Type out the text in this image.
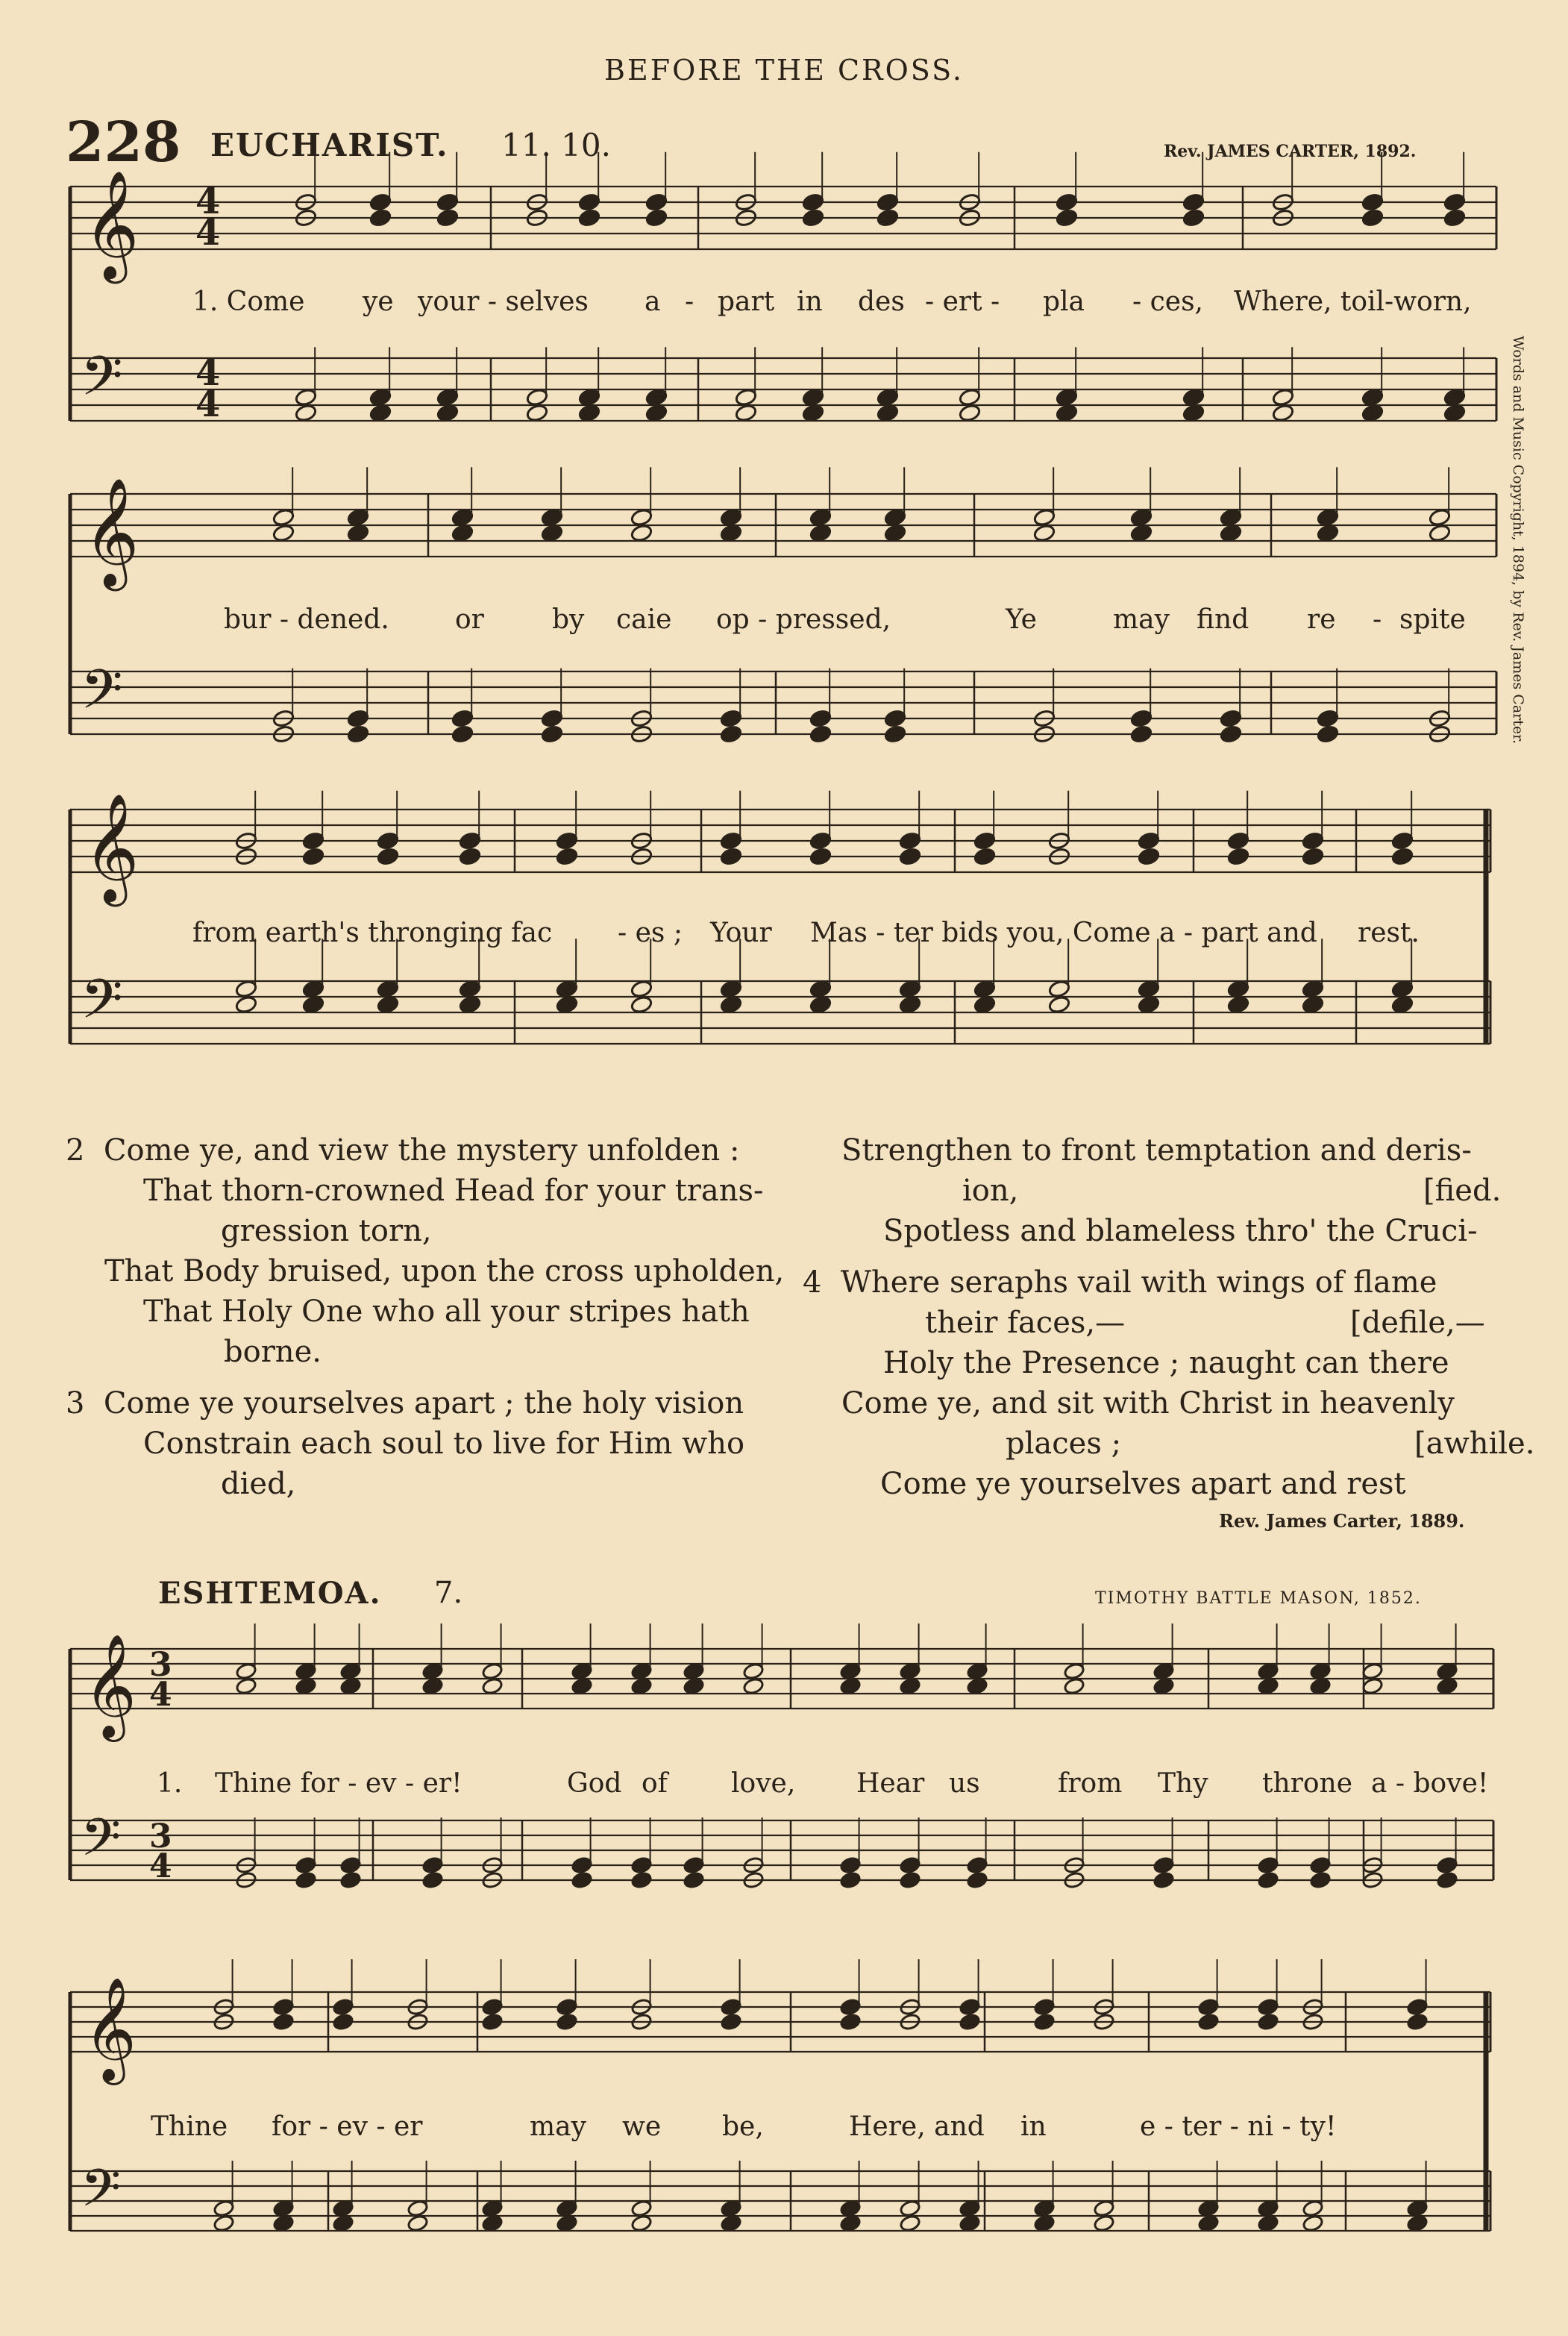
BEFORE THE CROSS.
228 EUCHARIST. 11. 10.	Rev. JAMES CARTER, 1892.
Words and Music Copyright, 1894, by Rev. James Carter.
𝄞
𝄢
𝄞
𝄢
𝄞
𝄢
𝄞
𝄢
𝄞
𝄢
4
4
4
4
3
4
3
4
1. Come ye your - selves a - part in des - ert - pla - ces, Where, toil-worn,
bur - dened. or	by caie op - pressed,	Ye	may find re - spite
from earth's thronging fac - es ; Your Mas - ter bids you, Come a - part and rest.
2 Come ye, and view the mystery unfolden :
That thorn-crowned Head for your trans-
gression torn,
That Body bruised, upon the cross upholden,
That Holy One who all your stripes hath
borne.
3 Come ye yourselves apart ; the holy vision
Constrain each soul to live for Him who
died,
Strengthen to front temptation and deris-
ion,	[fied.
Spotless and blameless thro' the Cruci-
4 Where seraphs vail with wings of flame
their faces,—	[defile,—
Holy the Presence ; naught can there
Come ye, and sit with Christ in heavenly
places ;	[awhile.
Come ye yourselves apart and rest
Rev. James Carter, 1889.
ESHTEMOA. 7.	TIMOTHY BATTLE MASON, 1852.
1. Thine for - ev - er!	God of love, Hear us	from Thy throne a - bove!
Thine for - ev - er	may we be,	Here, and in	e - ter - ni - ty!
